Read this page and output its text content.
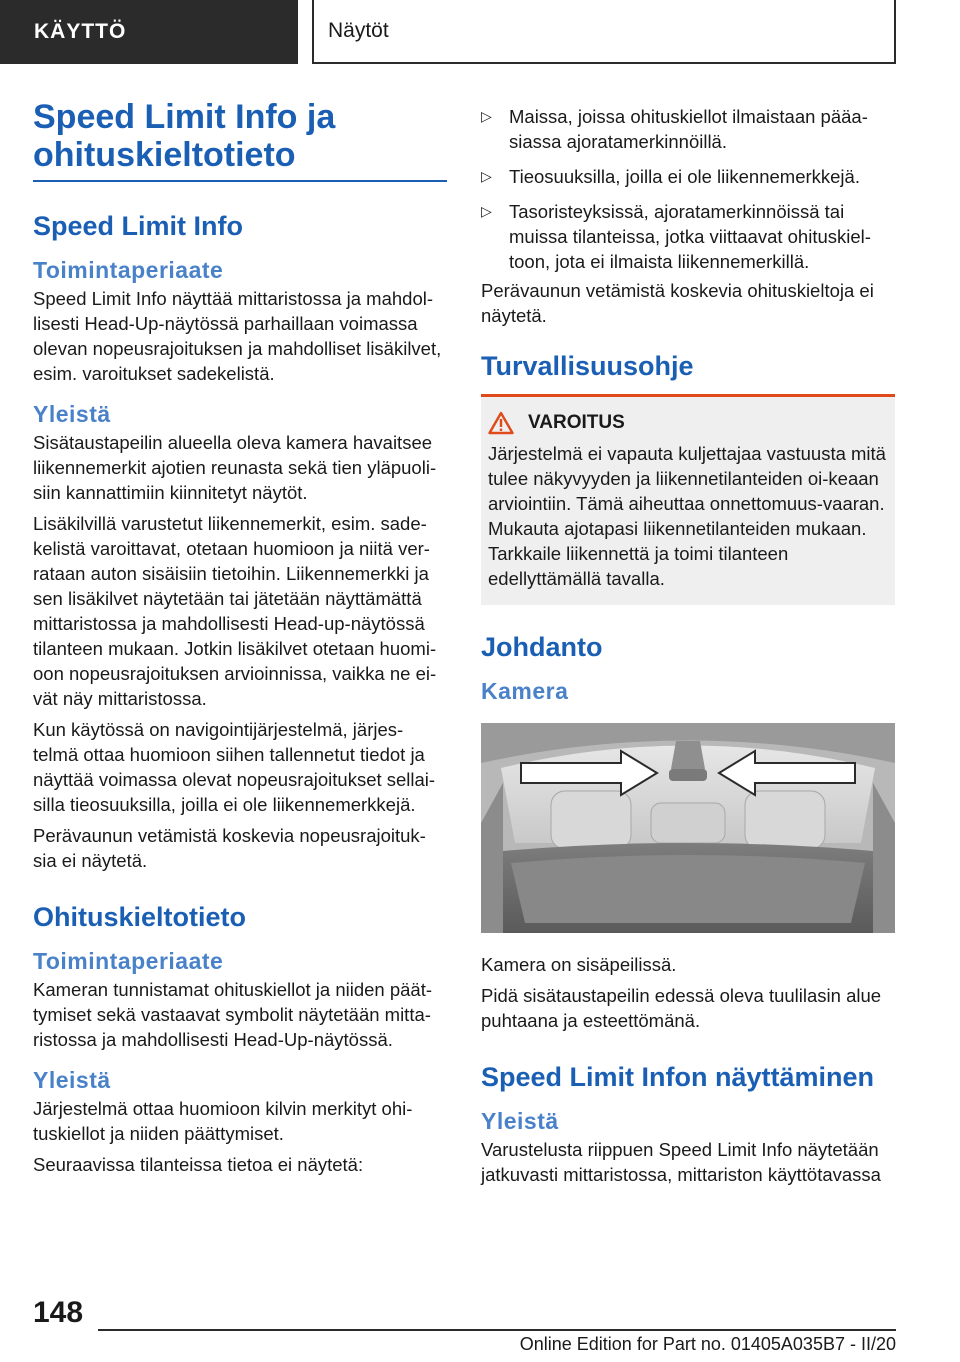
KÄYTTÖ	Näytöt
Speed Limit Info ja ohituskieltotieto
Speed Limit Info
Toimintaperiaate

Speed Limit Info näyttää mittaristossa ja mahdol‐lisesti Head-Up-näytössä parhaillaan voimassa olevan nopeusrajoituksen ja mahdolliset lisäkilvet, esim. varoitukset sadekelistä.

Yleistä

Sisätaustapeilin alueella oleva kamera havaitsee liikennemerkit ajotien reunasta sekä tien yläpuoli‐siin kannattimiin kiinnitetyt näytöt.

Lisäkilvillä varustetut liikennemerkit, esim. sade‐kelistä varoittavat, otetaan huomioon ja niitä ver‐rataan auton sisäisiin tietoihin. Liikennemerkki ja sen lisäkilvet näytetään tai jätetään näyttämättä mittaristossa ja mahdollisesti Head-up-näytössä tilanteen mukaan. Jotkin lisäkilvet otetaan huomi‐oon nopeusrajoituksen arvioinnissa, vaikka ne ei‐vät näy mittaristossa.

Kun käytössä on navigointijärjestelmä, järjes‐telmä ottaa huomioon siihen tallennetut tiedot ja näyttää voimassa olevat nopeusrajoitukset sellai‐silla tieosuuksilla, joilla ei ole liikennemerkkejä.

Perävaunun vetämistä koskevia nopeusrajoituk‐sia ei näytetä.

Ohituskieltotieto
Toimintaperiaate

Kameran tunnistamat ohituskiellot ja niiden päät‐tymiset sekä vastaavat symbolit näytetään mitta‐ristossa ja mahdollisesti Head-Up-näytössä.

Yleistä

Järjestelmä ottaa huomioon kilvin merkityt ohi‐tuskiellot ja niiden päättymiset.

Seuraavissa tilanteissa tietoa ei näytetä:

▷ Maissa, joissa ohituskiellot ilmaistaan pääa‐siassa ajoratamerkinnöillä.
▷ Tieosuuksilla, joilla ei ole liikennemerkkejä.
▷ Tasoristeyksissä, ajoratamerkinnöissä tai muissa tilanteissa, jotka viittaavat ohituskiel‐toon, jota ei ilmaista liikennemerkillä.

Perävaunun vetämistä koskevia ohituskieltoja ei näytetä.

Turvallisuusohje
VAROITUS

Järjestelmä ei vapauta kuljettajaa vastuusta mitä tulee näkyvyyden ja liikennetilanteiden oi‐keaan arviointiin. Tämä aiheuttaa onnettomuus‐vaaran. Mukauta ajotapasi liikennetilanteiden mukaan. Tarkkaile liikennettä ja toimi tilanteen edellyttämällä tavalla.

Johdanto
Kamera

Kamera on sisäpeilissä.

Pidä sisätaustapeilin edessä oleva tuulilasin alue puhtaana ja esteettömänä.

Speed Limit Infon näyttäminen
Yleistä

Varustelusta riippuen Speed Limit Info näytetään jatkuvasti mittaristossa, mittariston käyttötavassa

148
Online Edition for Part no. 01405A035B7 - II/20
